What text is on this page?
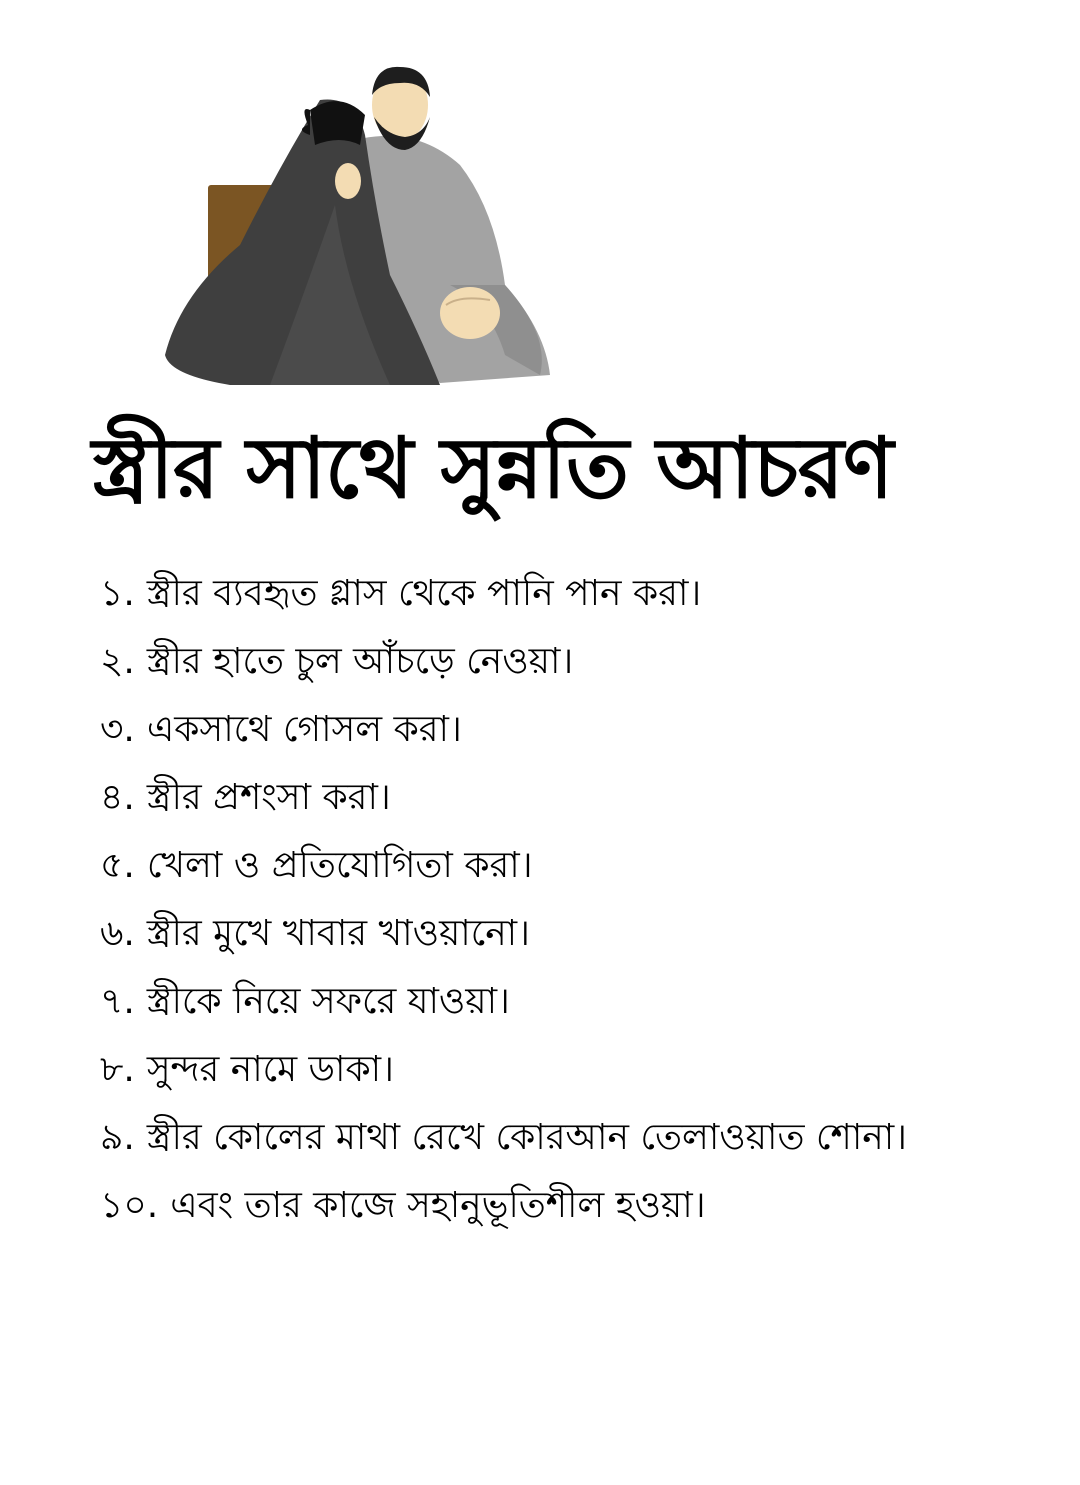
স্ত্রীর সাথে সুন্নতি আচরণ
১. স্ত্রীর ব্যবহৃত গ্লাস থেকে পানি পান করা।
২. স্ত্রীর হাতে চুল আঁচড়ে নেওয়া।
৩. একসাথে গোসল করা।
৪. স্ত্রীর প্রশংসা করা।
৫. খেলা ও প্রতিযোগিতা করা।
৬. স্ত্রীর মুখে খাবার খাওয়ানো।
৭. স্ত্রীকে নিয়ে সফরে যাওয়া।
৮. সুন্দর নামে ডাকা।
৯. স্ত্রীর কোলের মাথা রেখে কোরআন তেলাওয়াত শোনা।
১০. এবং তার কাজে সহানুভূতিশীল হওয়া।
